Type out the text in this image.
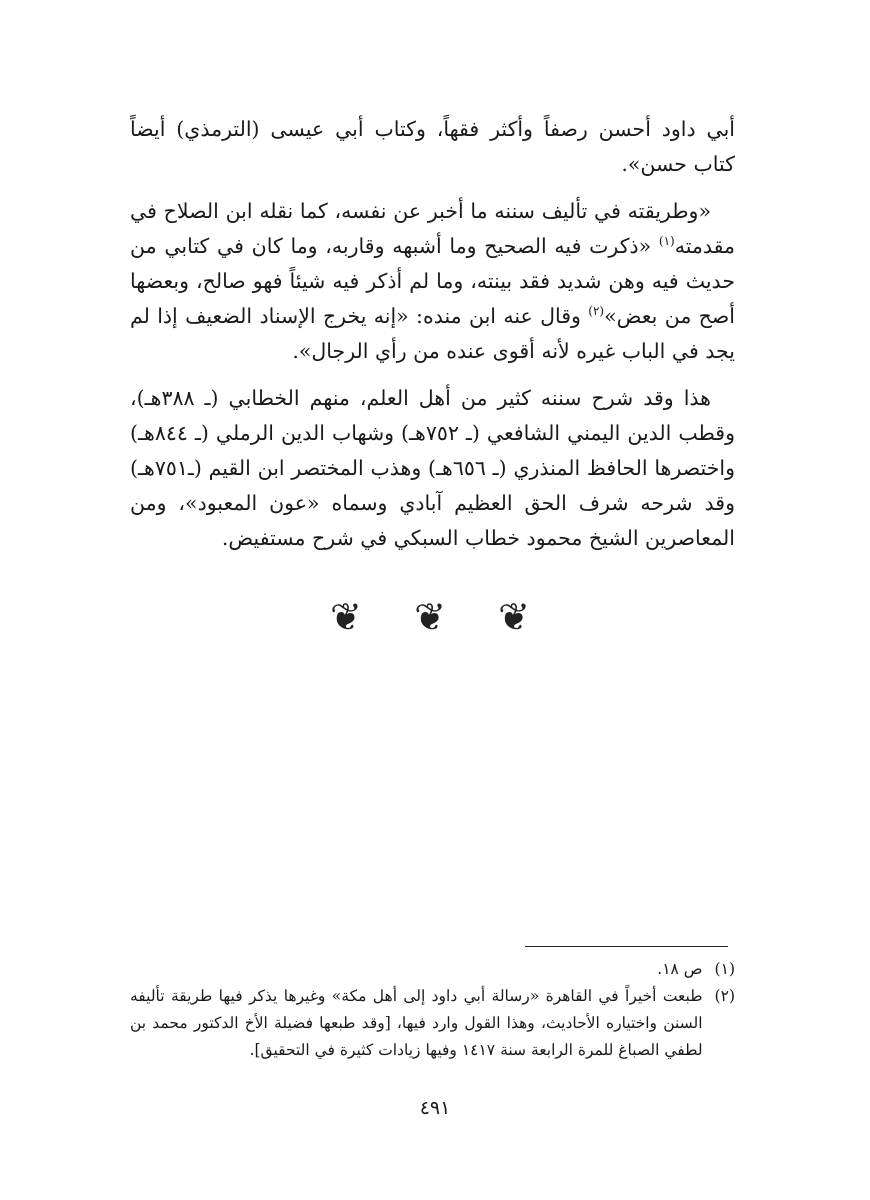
أبي داود أحسن رصفاً وأكثر فقهاً، وكتاب أبي عيسى (الترمذي) أيضاً كتاب حسن».

«وطريقته في تأليف سننه ما أخبر عن نفسه، كما نقله ابن الصلاح في مقدمته$^{(١)}$ «ذكرت فيه الصحيح وما أشبهه وقاربه، وما كان في كتابي من حديث فيه وهن شديد فقد بينته، وما لم أذكر فيه شيئاً فهو صالح، وبعضها أصح من بعض»$^{(٢)}$ وقال عنه ابن منده: «إنه يخرج الإسناد الضعيف إذا لم يجد في الباب غيره لأنه أقوى عنده من رأي الرجال».

هذا وقد شرح سننه كثير من أهل العلم، منهم الخطابي (ـ ٣٨٨هـ)، وقطب الدين اليمني الشافعي (ـ ٧٥٢هـ) وشهاب الدين الرملي (ـ ٨٤٤هـ) واختصرها الحافظ المنذري (ـ ٦٥٦هـ) وهذب المختصر ابن القيم (ـ٧٥١هـ) وقد شرحه شرف الحق العظيم آبادي وسماه «عون المعبود»، ومن المعاصرين الشيخ محمود خطاب السبكي في شرح مستفيض.

❦ ❦ ❦
(١)
ص ١٨.
(٢)
طبعت أخيراً في القاهرة «رسالة أبي داود إلى أهل مكة» وغيرها يذكر فيها طريقة تأليفه السنن واختياره الأحاديث، وهذا القول وارد فيها، [وقد طبعها فضيلة الأخ الدكتور محمد بن لطفي الصباغ للمرة الرابعة سنة ١٤١٧ وفيها زيادات كثيرة في التحقيق].
٤٩١
